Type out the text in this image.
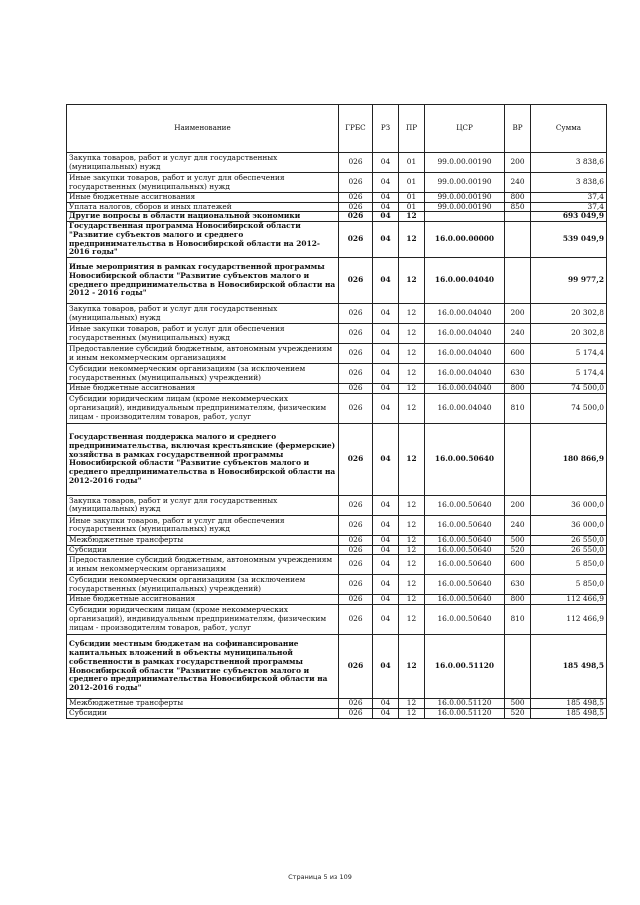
Наименование	ГРБС	РЗ	ПР	ЦСР	ВР	Сумма
Закупка товаров, работ и услуг для государственных (муниципальных) нужд	026	04	01	99.0.00.00190	200	3 838,6
Иные закупки товаров, работ и услуг для обеспечения государственных (муниципальных) нужд	026	04	01	99.0.00.00190	240	3 838,6
Иные бюджетные ассигнования	026	04	01	99.0.00.00190	800	37,4
Уплата налогов, сборов и иных платежей	026	04	01	99.0.00.00190	850	37,4
Другие вопросы в области национальной экономики	026	04	12			693 049,9
Государственная программа Новосибирской области "Развитие субъектов малого и среднего предпринимательства в Новосибирской области на 2012-2016 годы"	026	04	12	16.0.00.00000		539 049,9
Иные мероприятия в рамках государственной программы Новосибирской области "Развитие субъектов малого и среднего предпринимательства в Новосибирской области на 2012 - 2016 годы"	026	04	12	16.0.00.04040		99 977,2
Закупка товаров, работ и услуг для государственных (муниципальных) нужд	026	04	12	16.0.00.04040	200	20 302,8
Иные закупки товаров, работ и услуг для обеспечения государственных (муниципальных) нужд	026	04	12	16.0.00.04040	240	20 302,8
Предоставление субсидий бюджетным, автономным учреждениям и иным некоммерческим организациям	026	04	12	16.0.00.04040	600	5 174,4
Субсидии некоммерческим организациям (за исключением государственных (муниципальных) учреждений)	026	04	12	16.0.00.04040	630	5 174,4
Иные бюджетные ассигнования	026	04	12	16.0.00.04040	800	74 500,0
Субсидии юридическим лицам (кроме некоммерческих организаций), индивидуальным предпринимателям, физическим лицам - производителям товаров, работ, услуг	026	04	12	16.0.00.04040	810	74 500,0
Государственная поддержка малого и среднего предпринимательства, включая крестьянские (фермерские) хозяйства в рамках государственной программы Новосибирской области "Развитие субъектов малого и среднего предпринимательства в Новосибирской области на 2012-2016 годы"	026	04	12	16.0.00.50640		180 866,9
Закупка товаров, работ и услуг для государственных (муниципальных) нужд	026	04	12	16.0.00.50640	200	36 000,0
Иные закупки товаров, работ и услуг для обеспечения государственных (муниципальных) нужд	026	04	12	16.0.00.50640	240	36 000,0
Межбюджетные трансферты	026	04	12	16.0.00.50640	500	26 550,0
Субсидии	026	04	12	16.0.00.50640	520	26 550,0
Предоставление субсидий бюджетным, автономным учреждениям и иным некоммерческим организациям	026	04	12	16.0.00.50640	600	5 850,0
Субсидии некоммерческим организациям (за исключением государственных (муниципальных) учреждений)	026	04	12	16.0.00.50640	630	5 850,0
Иные бюджетные ассигнования	026	04	12	16.0.00.50640	800	112 466,9
Субсидии юридическим лицам (кроме некоммерческих организаций), индивидуальным предпринимателям, физическим лицам - производителям товаров, работ, услуг	026	04	12	16.0.00.50640	810	112 466,9
Субсидии местным бюджетам на софинансирование капитальных вложений в объекты муниципальной собственности в рамках государственной программы Новосибирской области "Развитие субъектов малого и среднего предпринимательства Новосибирской области на 2012-2016 годы"	026	04	12	16.0.00.51120		185 498,5
Межбюджетные трансферты	026	04	12	16.0.00.51120	500	185 498,5
Субсидии	026	04	12	16.0.00.51120	520	185 498,5
Страница 5 из 109
